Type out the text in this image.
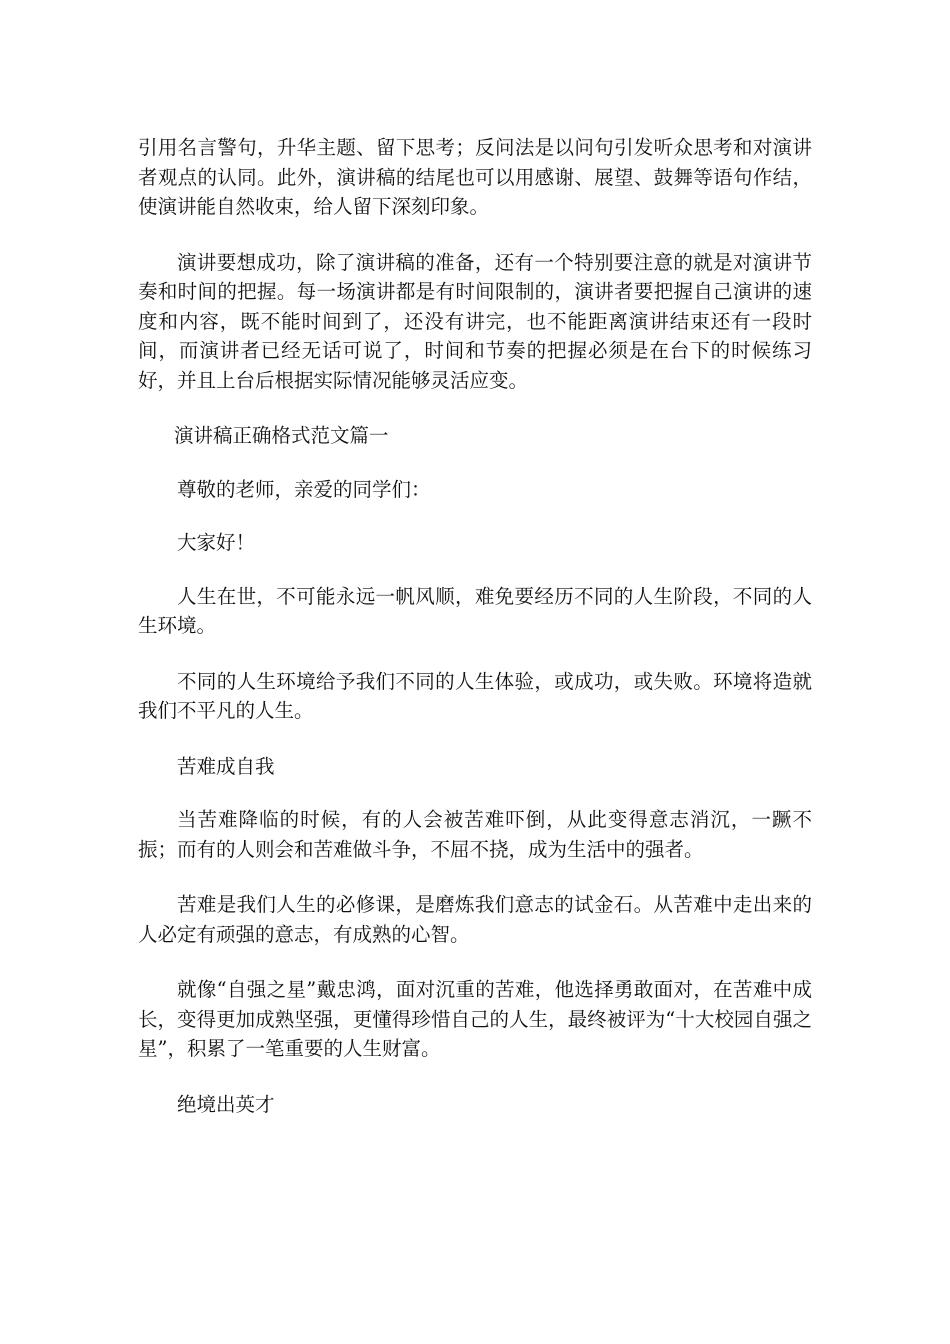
引用名言警句，升华主题、留下思考；反问法是以问句引发听众思考和对演讲者观点的认同。此外，演讲稿的结尾也可以用感谢、展望、鼓舞等语句作结，使演讲能自然收束，给人留下深刻印象。

演讲要想成功，除了演讲稿的准备，还有一个特别要注意的就是对演讲节奏和时间的把握。每一场演讲都是有时间限制的，演讲者要把握自己演讲的速度和内容，既不能时间到了，还没有讲完，也不能距离演讲结束还有一段时间，而演讲者已经无话可说了，时间和节奏的把握必须是在台下的时候练习好，并且上台后根据实际情况能够灵活应变。

演讲稿正确格式范文篇一

尊敬的老师，亲爱的同学们：

大家好！

人生在世，不可能永远一帆风顺，难免要经历不同的人生阶段，不同的人生环境。

不同的人生环境给予我们不同的人生体验，或成功，或失败。环境将造就我们不平凡的人生。

苦难成自我

当苦难降临的时候，有的人会被苦难吓倒，从此变得意志消沉，一蹶不振；而有的人则会和苦难做斗争，不屈不挠，成为生活中的强者。

苦难是我们人生的必修课，是磨炼我们意志的试金石。从苦难中走出来的人必定有顽强的意志，有成熟的心智。

就像“自强之星”戴忠鸿，面对沉重的苦难，他选择勇敢面对，在苦难中成长，变得更加成熟坚强，更懂得珍惜自己的人生，最终被评为“十大校园自强之星”，积累了一笔重要的人生财富。

绝境出英才
